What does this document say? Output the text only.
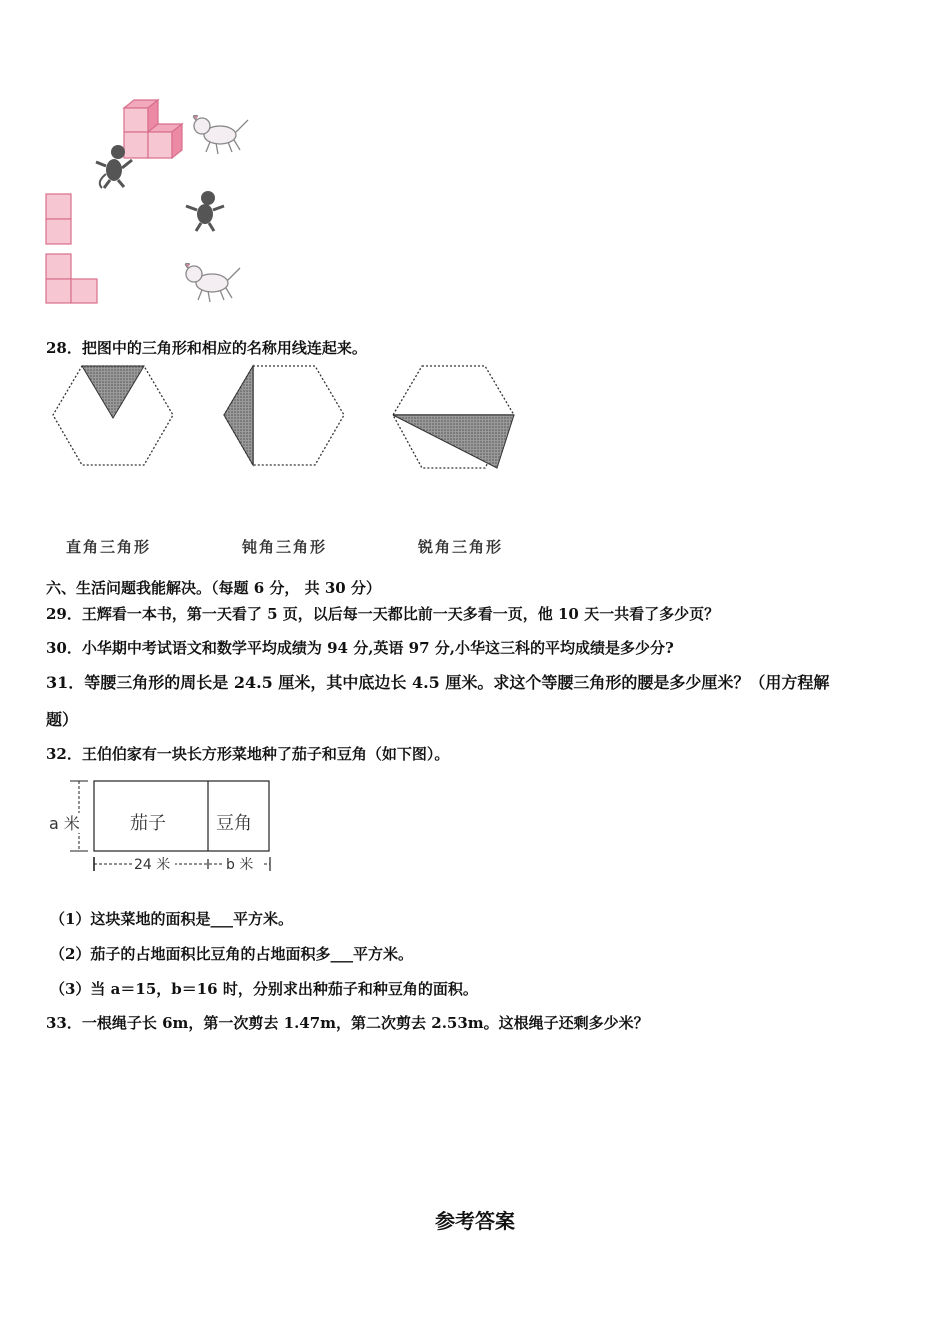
28．把图中的三角形和相应的名称用线连起来。
直角三角形	钝角三角形	锐角三角形
六、生活问题我能解决。（每题 6 分， 共 30 分）
29．王辉看一本书，第一天看了 5 页，以后每一天都比前一天多看一页，他 10 天一共看了多少页？
30．小华期中考试语文和数学平均成绩为 94 分,英语 97 分,小华这三科的平均成绩是多少分?
31．等腰三角形的周长是 24.5 厘米，其中底边长 4.5 厘米。求这个等腰三角形的腰是多少厘米？（用方程解
题）
32．王伯伯家有一块长方形菜地种了茄子和豆角（如下图）。
a 米	茄子	豆角
24 米	b 米
（1）这块菜地的面积是___平方米。
（2）茄子的占地面积比豆角的占地面积多___平方米。
（3）当 a＝15，b＝16 时，分别求出种茄子和种豆角的面积。
33．一根绳子长 6m，第一次剪去 1.47m，第二次剪去 2.53m。这根绳子还剩多少米？
参考答案
